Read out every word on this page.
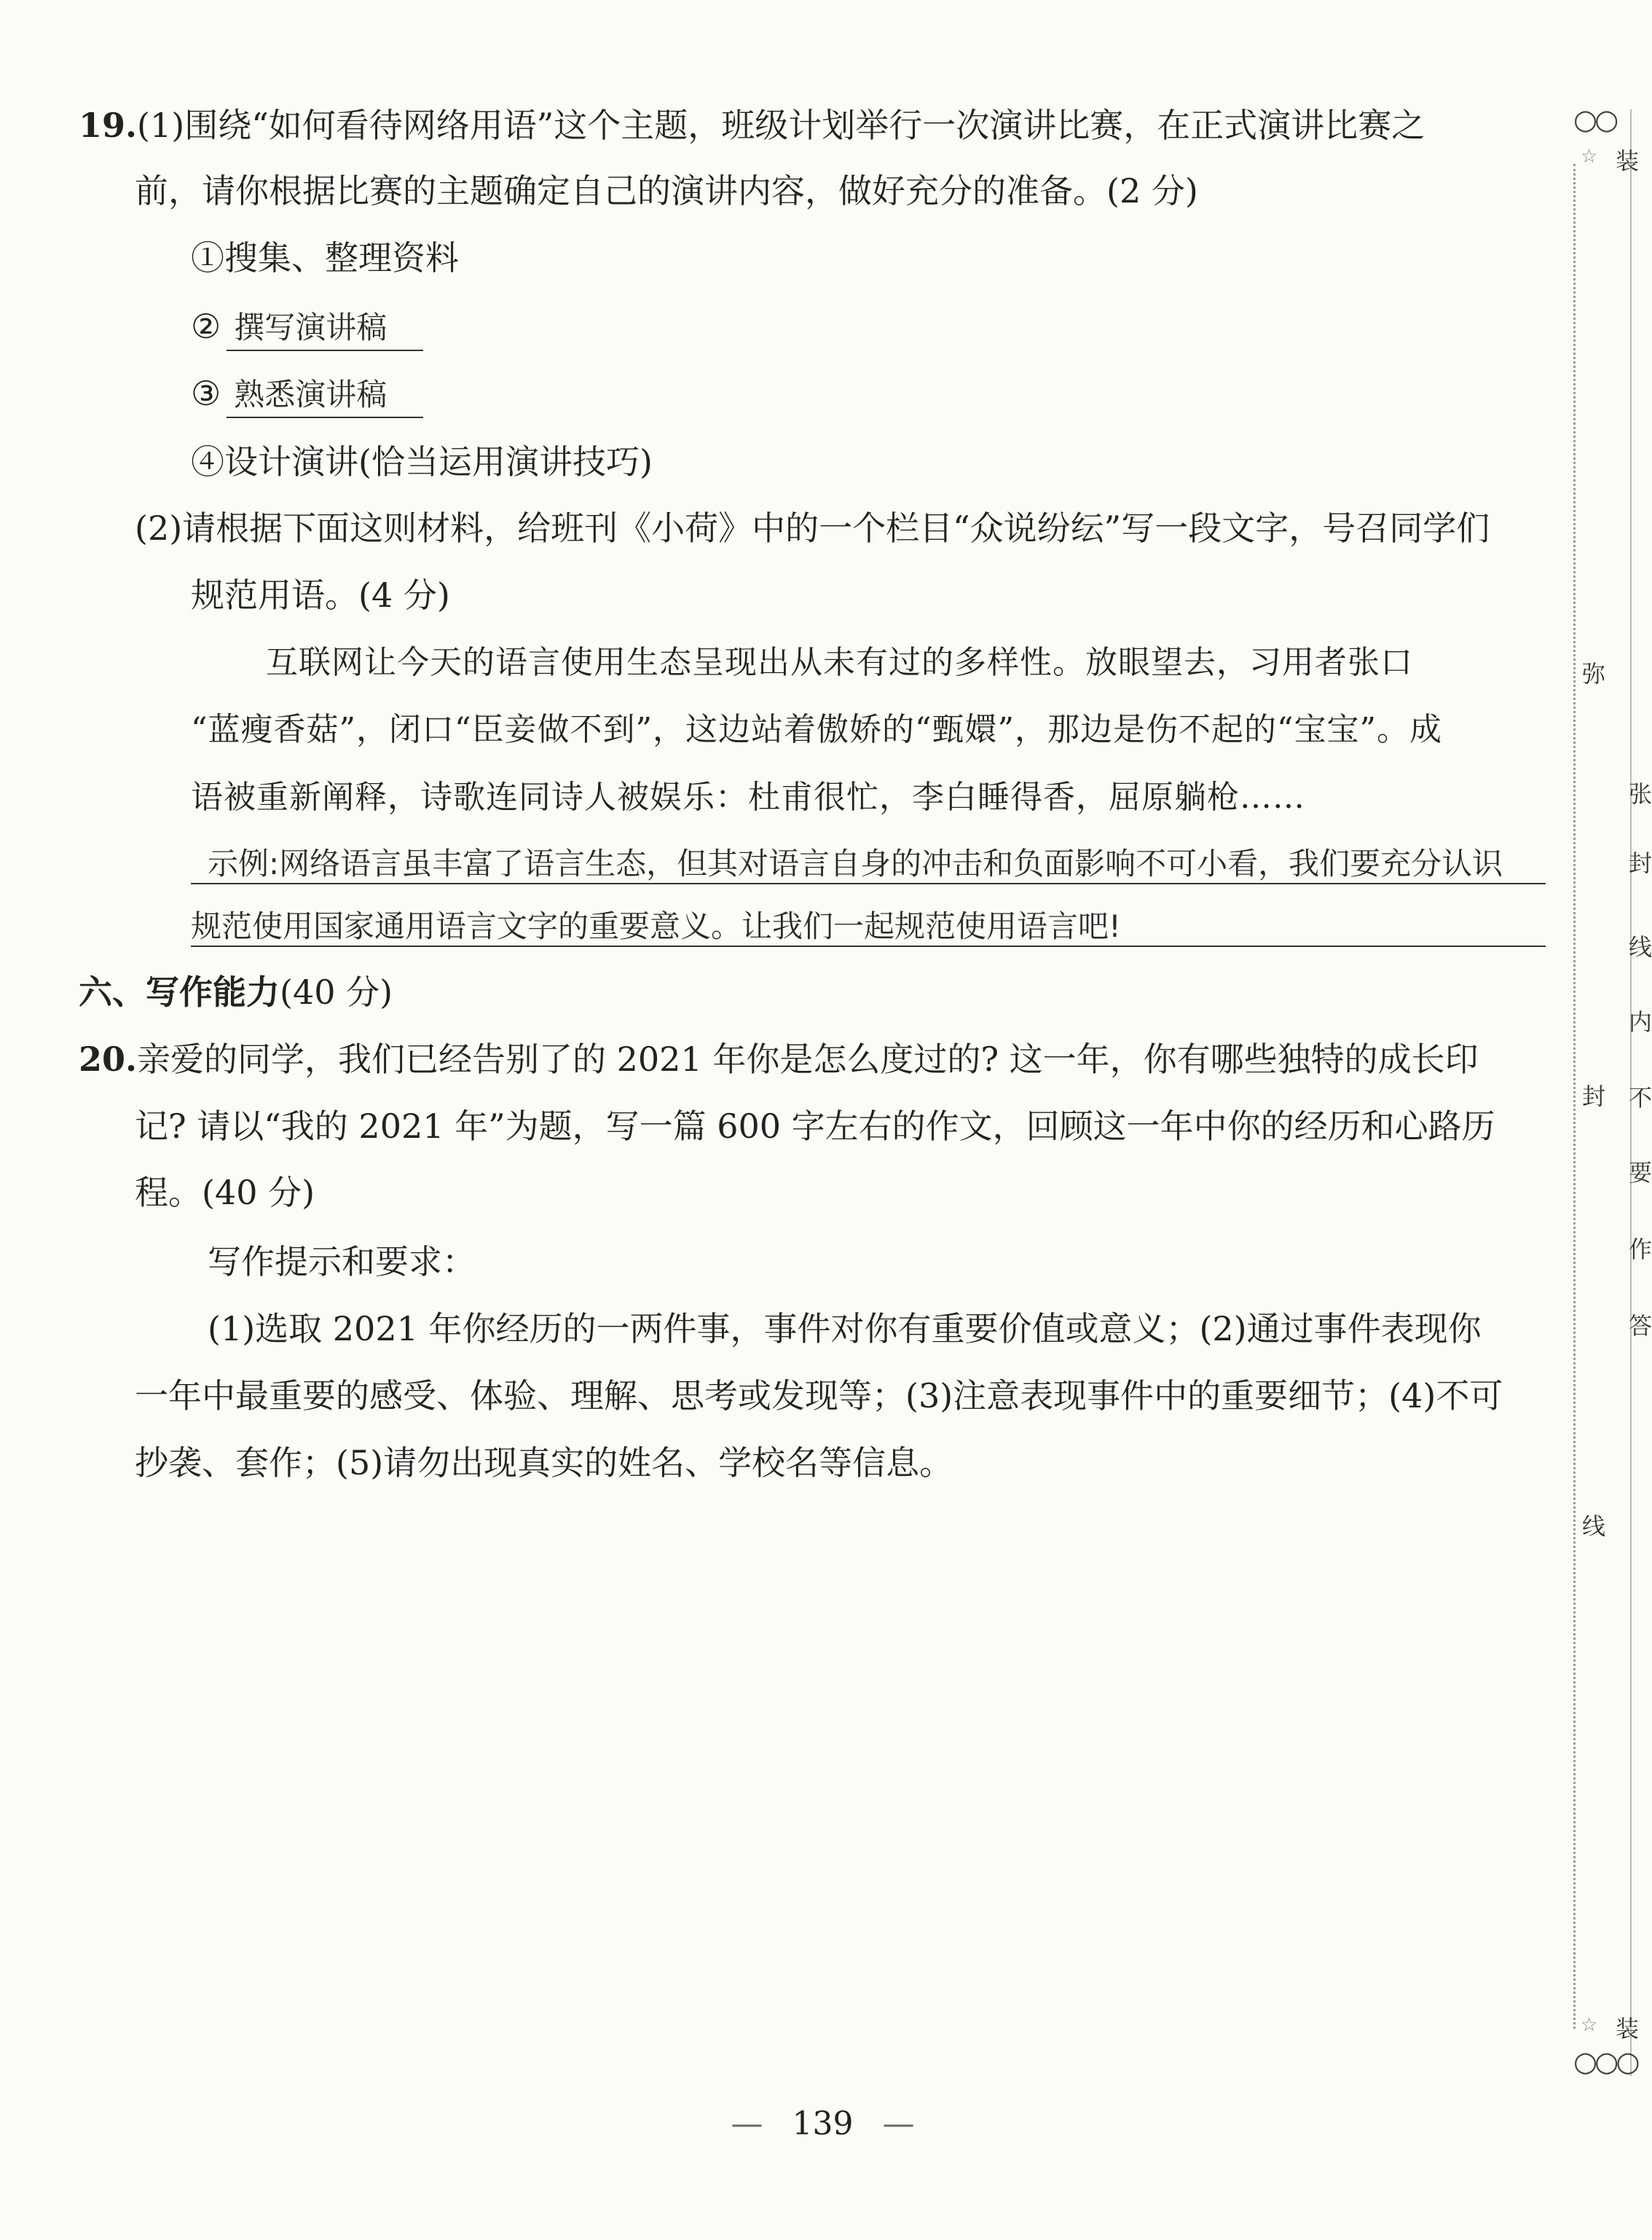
19.(1)围绕“如何看待网络用语”这个主题，班级计划举行一次演讲比赛，在正式演讲比赛之
前，请你根据比赛的主题确定自己的演讲内容，做好充分的准备。(2 分)
①搜集、整理资料
② 撰写演讲稿
③ 熟悉演讲稿
④设计演讲(恰当运用演讲技巧)
(2)请根据下面这则材料，给班刊《小荷》中的一个栏目“众说纷纭”写一段文字，号召同学们
规范用语。(4 分)
互联网让今天的语言使用生态呈现出从未有过的多样性。放眼望去，习用者张口
“蓝瘦香菇”，闭口“臣妾做不到”，这边站着傲娇的“甄嬛”，那边是伤不起的“宝宝”。成
语被重新阐释，诗歌连同诗人被娱乐：杜甫很忙，李白睡得香，屈原躺枪……
示例:网络语言虽丰富了语言生态，但其对语言自身的冲击和负面影响不可小看，我们要充分认识
规范使用国家通用语言文字的重要意义。让我们一起规范使用语言吧!
六、写作能力(40 分)
20.亲爱的同学，我们已经告别了的 2021 年你是怎么度过的? 这一年，你有哪些独特的成长印
记? 请以“我的 2021 年”为题，写一篇 600 字左右的作文，回顾这一年中你的经历和心路历
程。(40 分)
写作提示和要求：
(1)选取 2021 年你经历的一两件事，事件对你有重要价值或意义；(2)通过事件表现你
一年中最重要的感受、体验、理解、思考或发现等；(3)注意表现事件中的重要细节；(4)不可
抄袭、套作；(5)请勿出现真实的姓名、学校名等信息。
○○
☆ 装
弥
封
线
张
封
线
内
不
要
作
答
☆ 装
○○○
— 139 —
